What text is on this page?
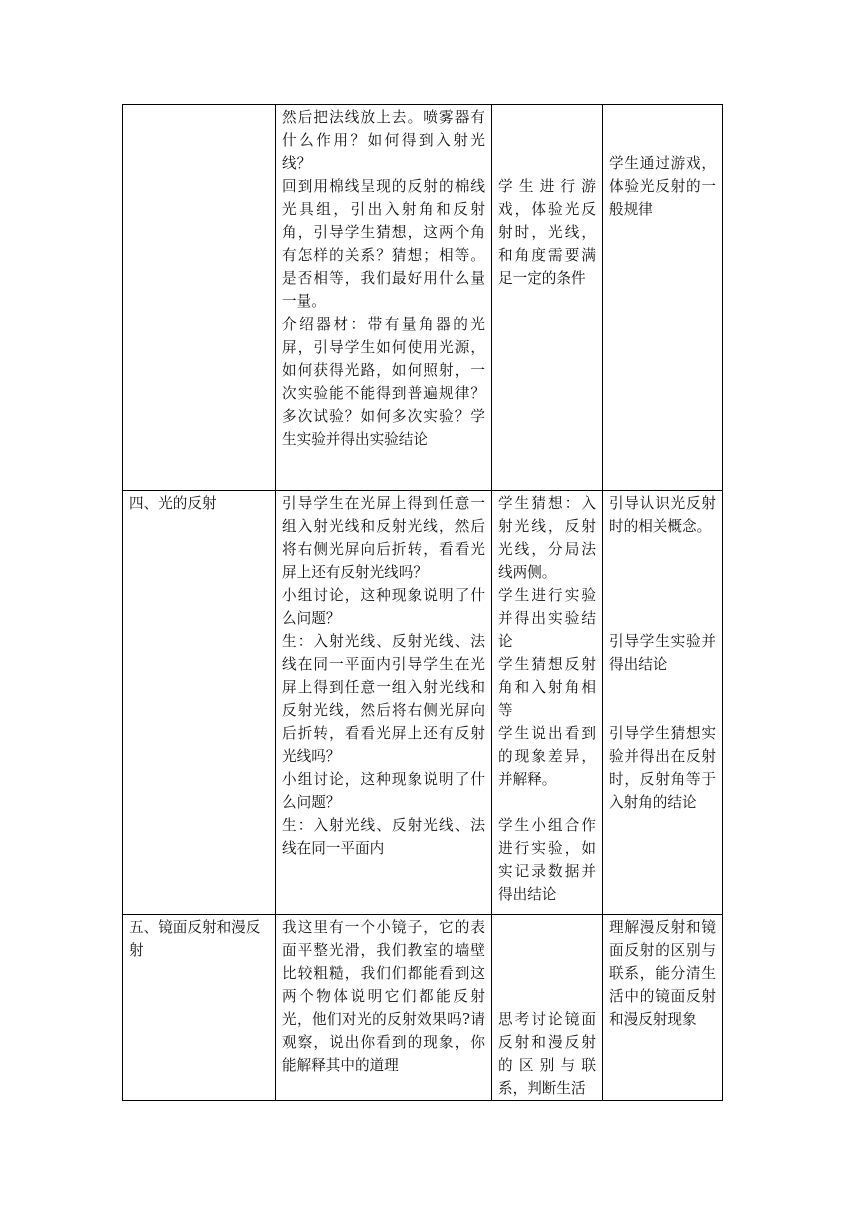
	然后把法线放上去。喷雾器有什么作用？如何得到入射光线？
回到用棉线呈现的反射的棉线光具组，引出入射角和反射角，引导学生猜想，这两个角有怎样的关系？猜想；相等。是否相等，我们最好用什么量一量。
介绍器材：带有量角器的光屏，引导学生如何使用光源，如何获得光路，如何照射，一次实验能不能得到普遍规律？多次试验？如何多次实验？学生实验并得出实验结论	学生进行游戏，体验光反射时，光线，和角度需要满足一定的条件	学生通过游戏，体验光反射的一般规律

四、光的反射	引导学生在光屏上得到任意一组入射光线和反射光线，然后将右侧光屏向后折转，看看光屏上还有反射光线吗？
小组讨论，这种现象说明了什么问题？
生：入射光线、反射光线、法线在同一平面内引导学生在光屏上得到任意一组入射光线和反射光线，然后将右侧光屏向后折转，看看光屏上还有反射光线吗？
小组讨论，这种现象说明了什么问题？
生：入射光线、反射光线、法线在同一平面内	学生猜想：入射光线，反射光线，分局法线两侧。
学生进行实验并得出实验结论
学生猜想反射角和入射角相等
学生说出看到的现象差异，并解释。
学生小组合作进行实验，如实记录数据并得出结论	引导认识光反射时的相关概念。
引导学生实验并得出结论
引导学生猜想实验并得出在反射时，反射角等于入射角的结论

五、镜面反射和漫反射	我这里有一个小镜子，它的表面平整光滑，我们教室的墙壁比较粗糙，我们们都能看到这两个物体说明它们都能反射光，他们对光的反射效果吗?请观察，说出你看到的现象，你能解释其中的道理	思考讨论镜面反射和漫反射的区别与联系，判断生活	理解漫反射和镜面反射的区别与联系，能分清生活中的镜面反射和漫反射现象
